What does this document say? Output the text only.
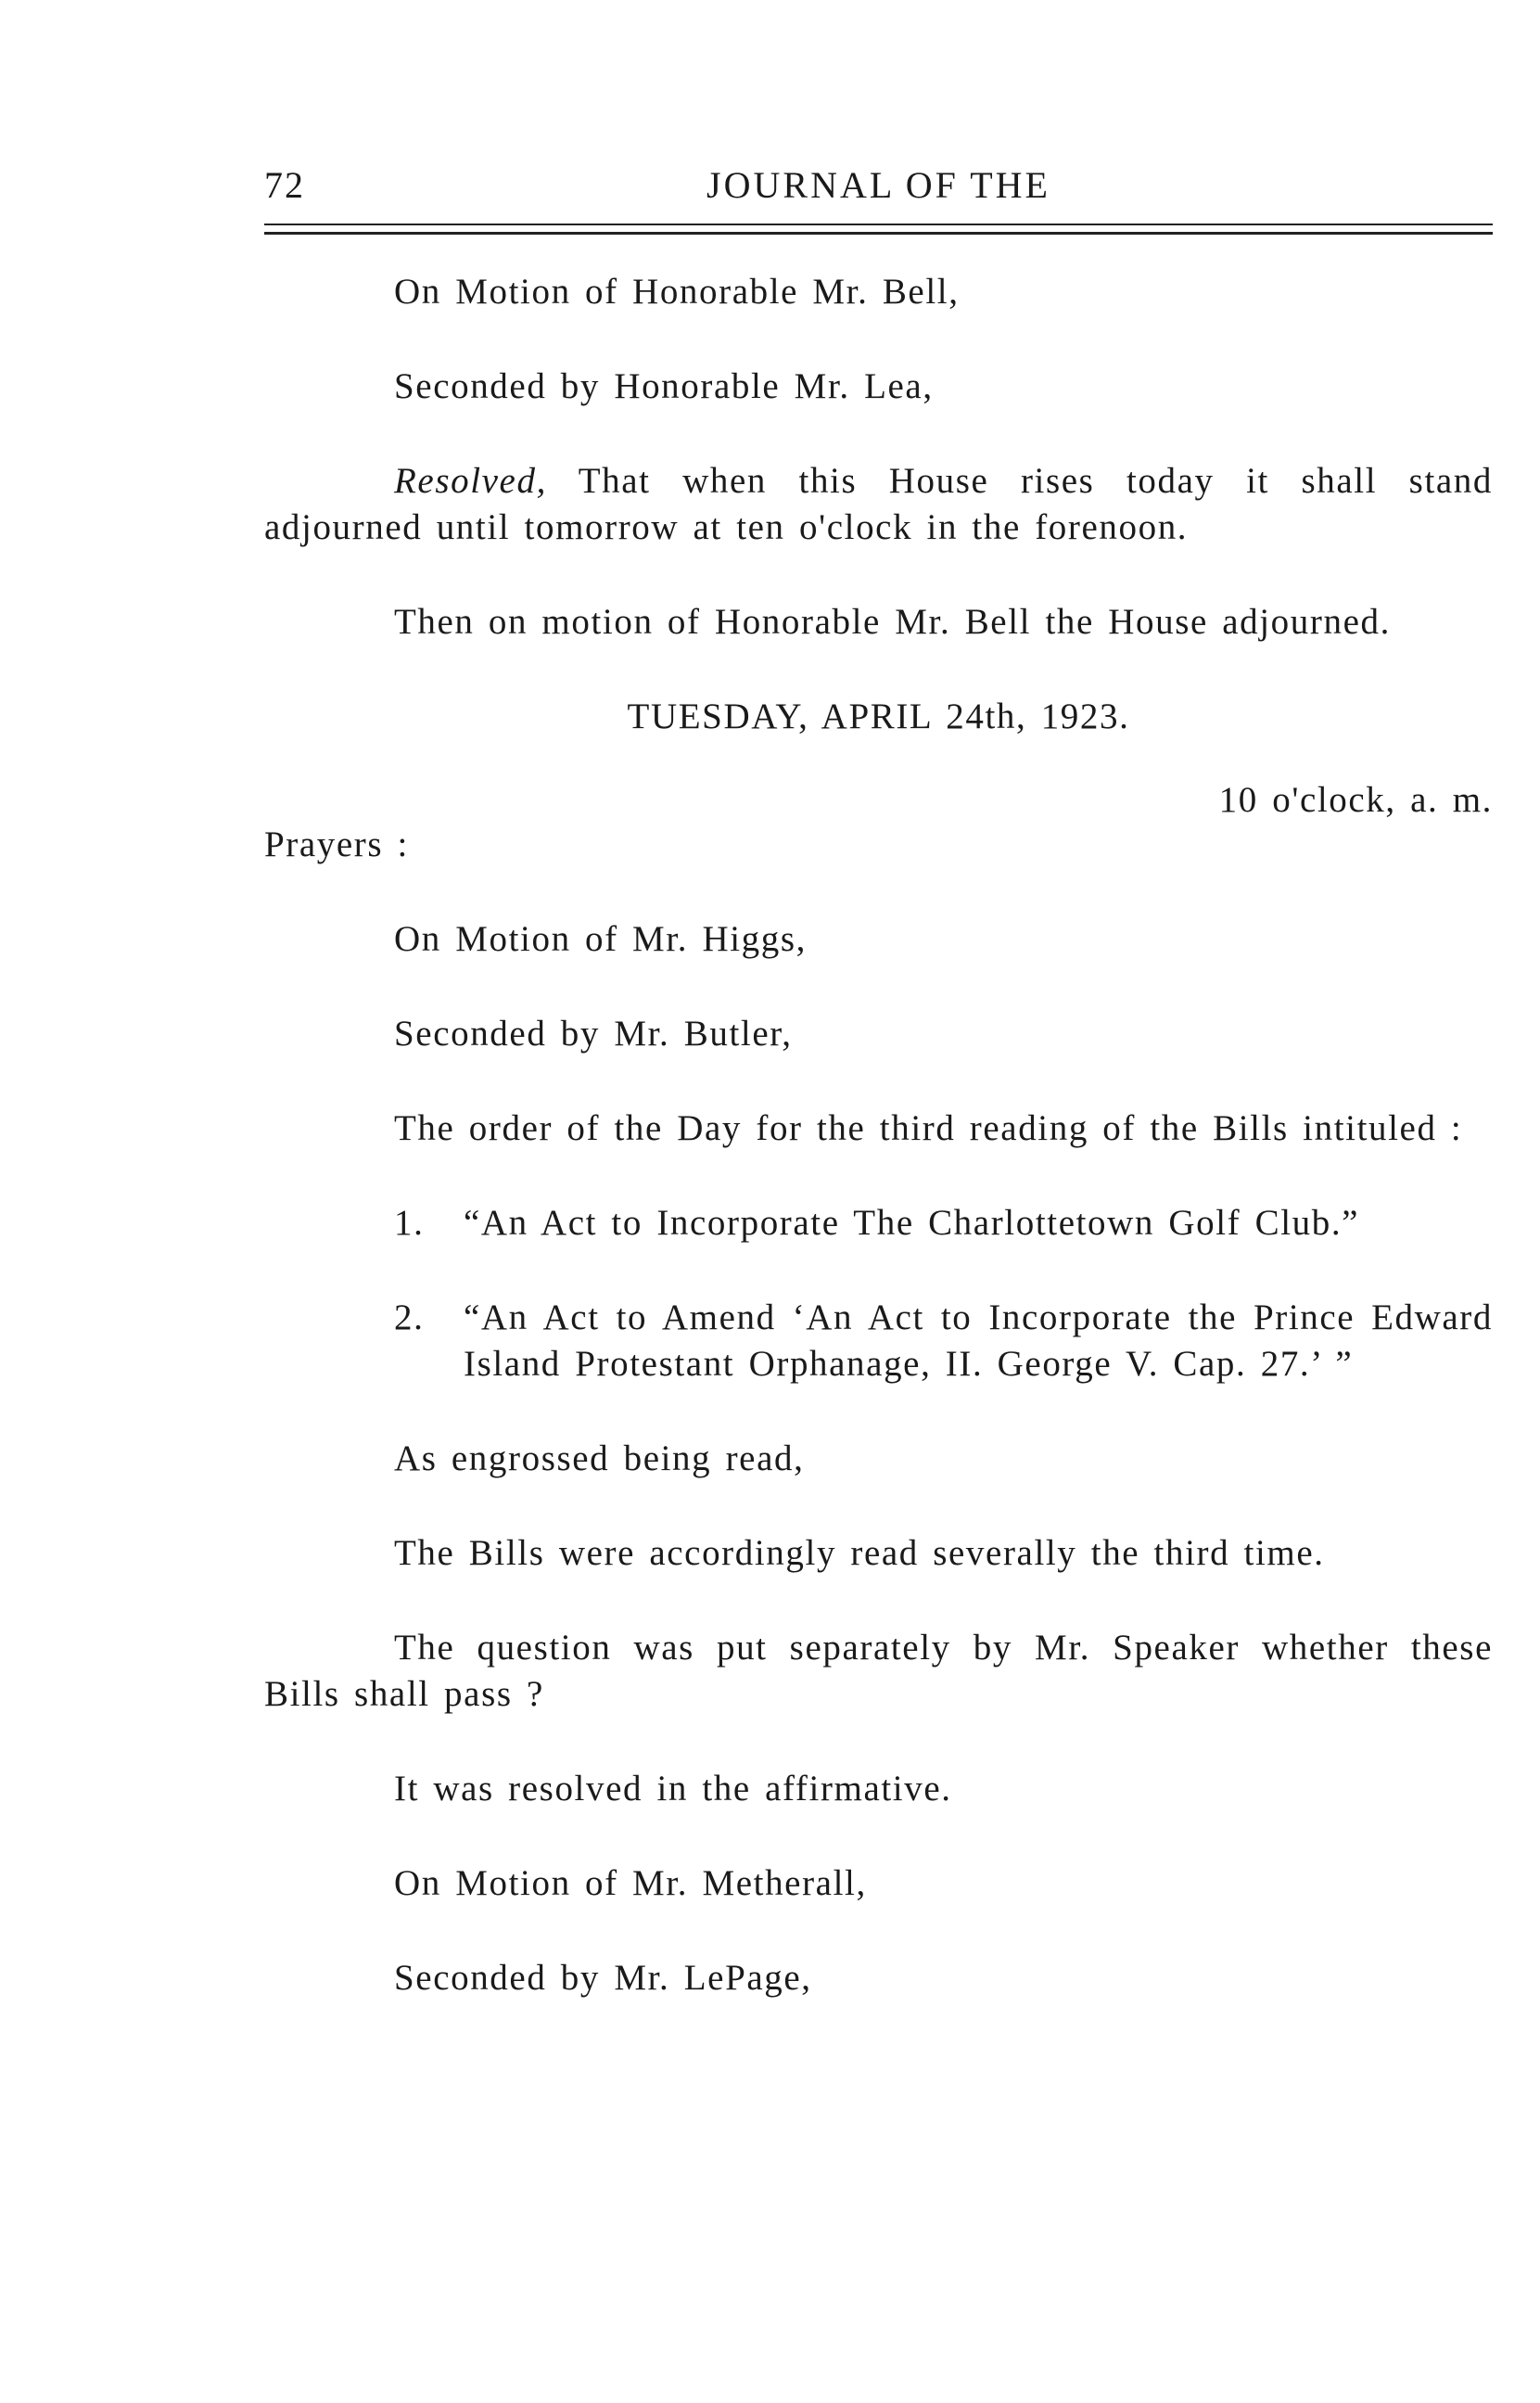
72	JOURNAL OF THE

On Motion of Honorable Mr. Bell,

Seconded by Honorable Mr. Lea,

Resolved, That when this House rises today it shall stand adjourned until tomorrow at ten o'clock in the forenoon.

Then on motion of Honorable Mr. Bell the House adjourned.

TUESDAY, APRIL 24th, 1923.

10 o'clock, a. m.

Prayers :

On Motion of Mr. Higgs,

Seconded by Mr. Butler,

The order of the Day for the third reading of the Bills intituled :

1. “An Act to Incorporate The Charlottetown Golf Club.”
2. “An Act to Amend ‘An Act to Incorporate the Prince Edward Island Protestant Orphanage, II. George V. Cap. 27.’ ”

As engrossed being read,

The Bills were accordingly read severally the third time.

The question was put separately by Mr. Speaker whether these Bills shall pass ?

It was resolved in the affirmative.

On Motion of Mr. Metherall,

Seconded by Mr. LePage,
